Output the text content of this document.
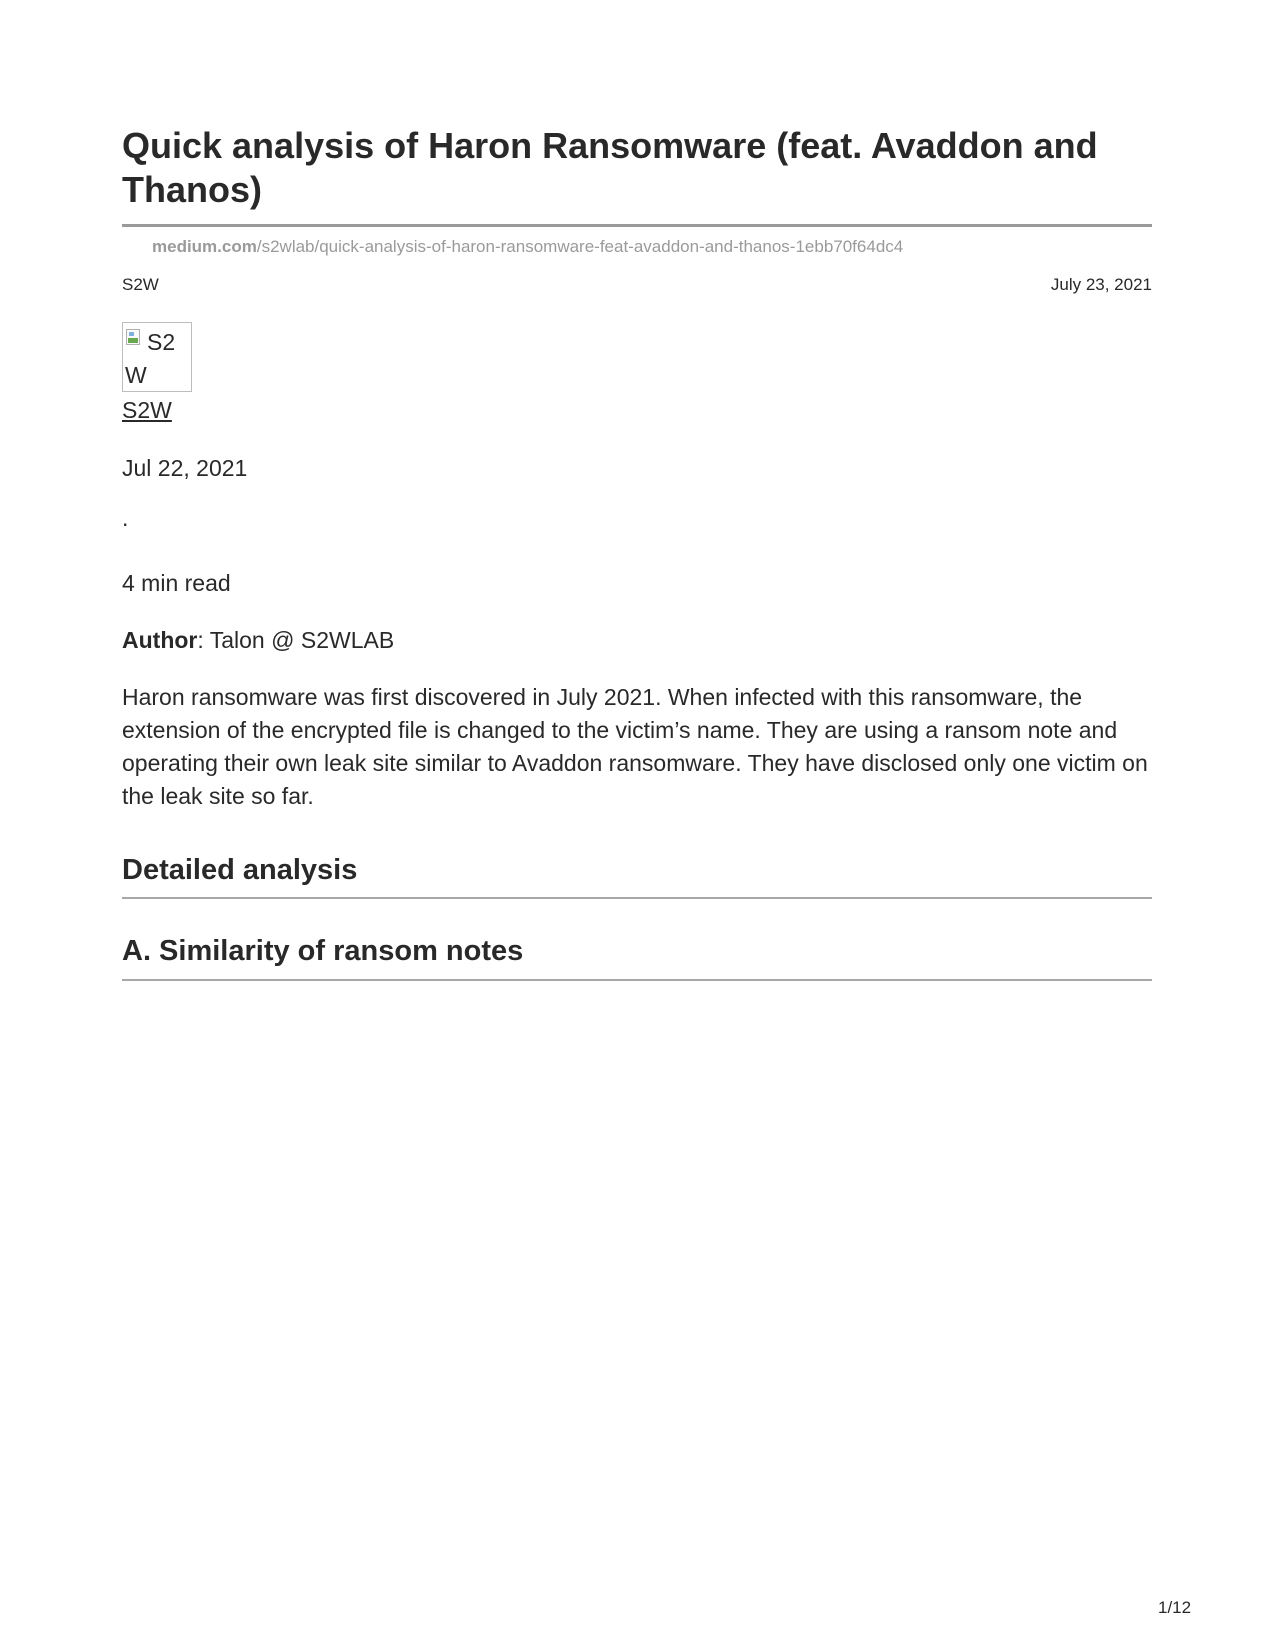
Quick analysis of Haron Ransomware (feat. Avaddon and Thanos)
medium.com/s2wlab/quick-analysis-of-haron-ransomware-feat-avaddon-and-thanos-1ebb70f64dc4
S2W	July 23, 2021
S2W
S2W

Jul 22, 2021

.

4 min read

Author: Talon @ S2WLAB

Haron ransomware was first discovered in July 2021. When infected with this ransomware, the extension of the encrypted file is changed to the victim’s name. They are using a ransom note and operating their own leak site similar to Avaddon ransomware. They have disclosed only one victim on the leak site so far.

Detailed analysis
A. Similarity of ransom notes
1/12
